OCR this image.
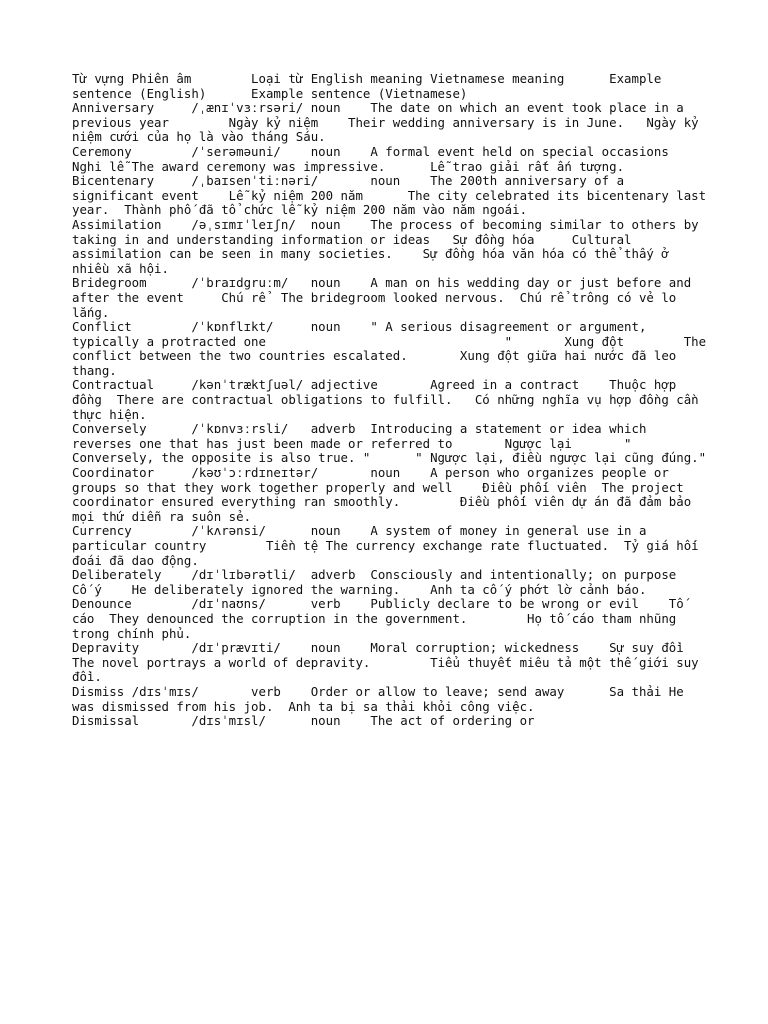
Từ vựng Phiên âm        Loại từ English meaning Vietnamese meaning      Example sentence (English)      Example sentence (Vietnamese)
Anniversary     /ˌænɪˈvɜːrsəri/ noun    The date on which an event took place in a previous year        Ngày kỷ niệm    Their wedding anniversary is in June.   Ngày kỷ niệm cưới của họ là vào tháng Sáu.
Ceremony        /ˈserəməuni/    noun    A formal event held on special occasions        Nghi lễ The award ceremony was impressive.      Lễ trao giải rất ấn tượng.
Bicentenary     /ˌbaɪsenˈtiːnəri/       noun    The 200th anniversary of a significant event    Lễ kỷ niệm 200 năm      The city celebrated its bicentenary last year.  Thành phố đã tổ chức lễ kỷ niệm 200 năm vào năm ngoái.
Assimilation    /əˌsɪmɪˈleɪʃn/  noun    The process of becoming similar to others by taking in and understanding information or ideas   Sự đồng hóa     Cultural assimilation can be seen in many societies.    Sự đồng hóa văn hóa có thể thấy ở nhiều xã hội.
Bridegroom      /ˈbraɪdgruːm/   noun    A man on his wedding day or just before and after the event     Chú rể  The bridegroom looked nervous.  Chú rể trông có vẻ lo lắng.
Conflict        /ˈkɒnflɪkt/     noun    " A serious disagreement or argument, typically a protracted one                                "       Xung đột        The conflict between the two countries escalated.       Xung đột giữa hai nước đã leo thang.
Contractual     /kənˈtræktʃuəl/ adjective       Agreed in a contract    Thuộc hợp đồng  There are contractual obligations to fulfill.   Có những nghĩa vụ hợp đồng cần thực hiện.
Conversely      /ˈkɒnvɜːrsli/   adverb  Introducing a statement or idea which reverses one that has just been made or referred to       Ngược lại       " Conversely, the opposite is also true. "      " Ngược lại, điều ngược lại cũng đúng."
Coordinator     /kəʊˈɔːrdɪneɪtər/       noun    A person who organizes people or groups so that they work together properly and well    Điều phối viên  The project coordinator ensured everything ran smoothly.        Điều phối viên dự án đã đảm bảo mọi thứ diễn ra suôn sẻ.
Currency        /ˈkʌrənsi/      noun    A system of money in general use in a particular country        Tiền tệ The currency exchange rate fluctuated.  Tỷ giá hối đoái đã dao động.
Deliberately    /dɪˈlɪbərətli/  adverb  Consciously and intentionally; on purpose       Cố ý    He deliberately ignored the warning.    Anh ta cố ý phớt lờ cảnh báo.
Denounce        /dɪˈnaʊns/      verb    Publicly declare to be wrong or evil    Tố cáo  They denounced the corruption in the government.        Họ tố cáo tham nhũng trong chính phủ.
Depravity       /dɪˈprævɪti/    noun    Moral corruption; wickedness    Sự suy đồi      The novel portrays a world of depravity.        Tiểu thuyết miêu tả một thế giới suy đồi.
Dismiss /dɪsˈmɪs/       verb    Order or allow to leave; send away      Sa thải He was dismissed from his job.  Anh ta bị sa thải khỏi công việc.
Dismissal       /dɪsˈmɪsl/      noun    The act of ordering or
